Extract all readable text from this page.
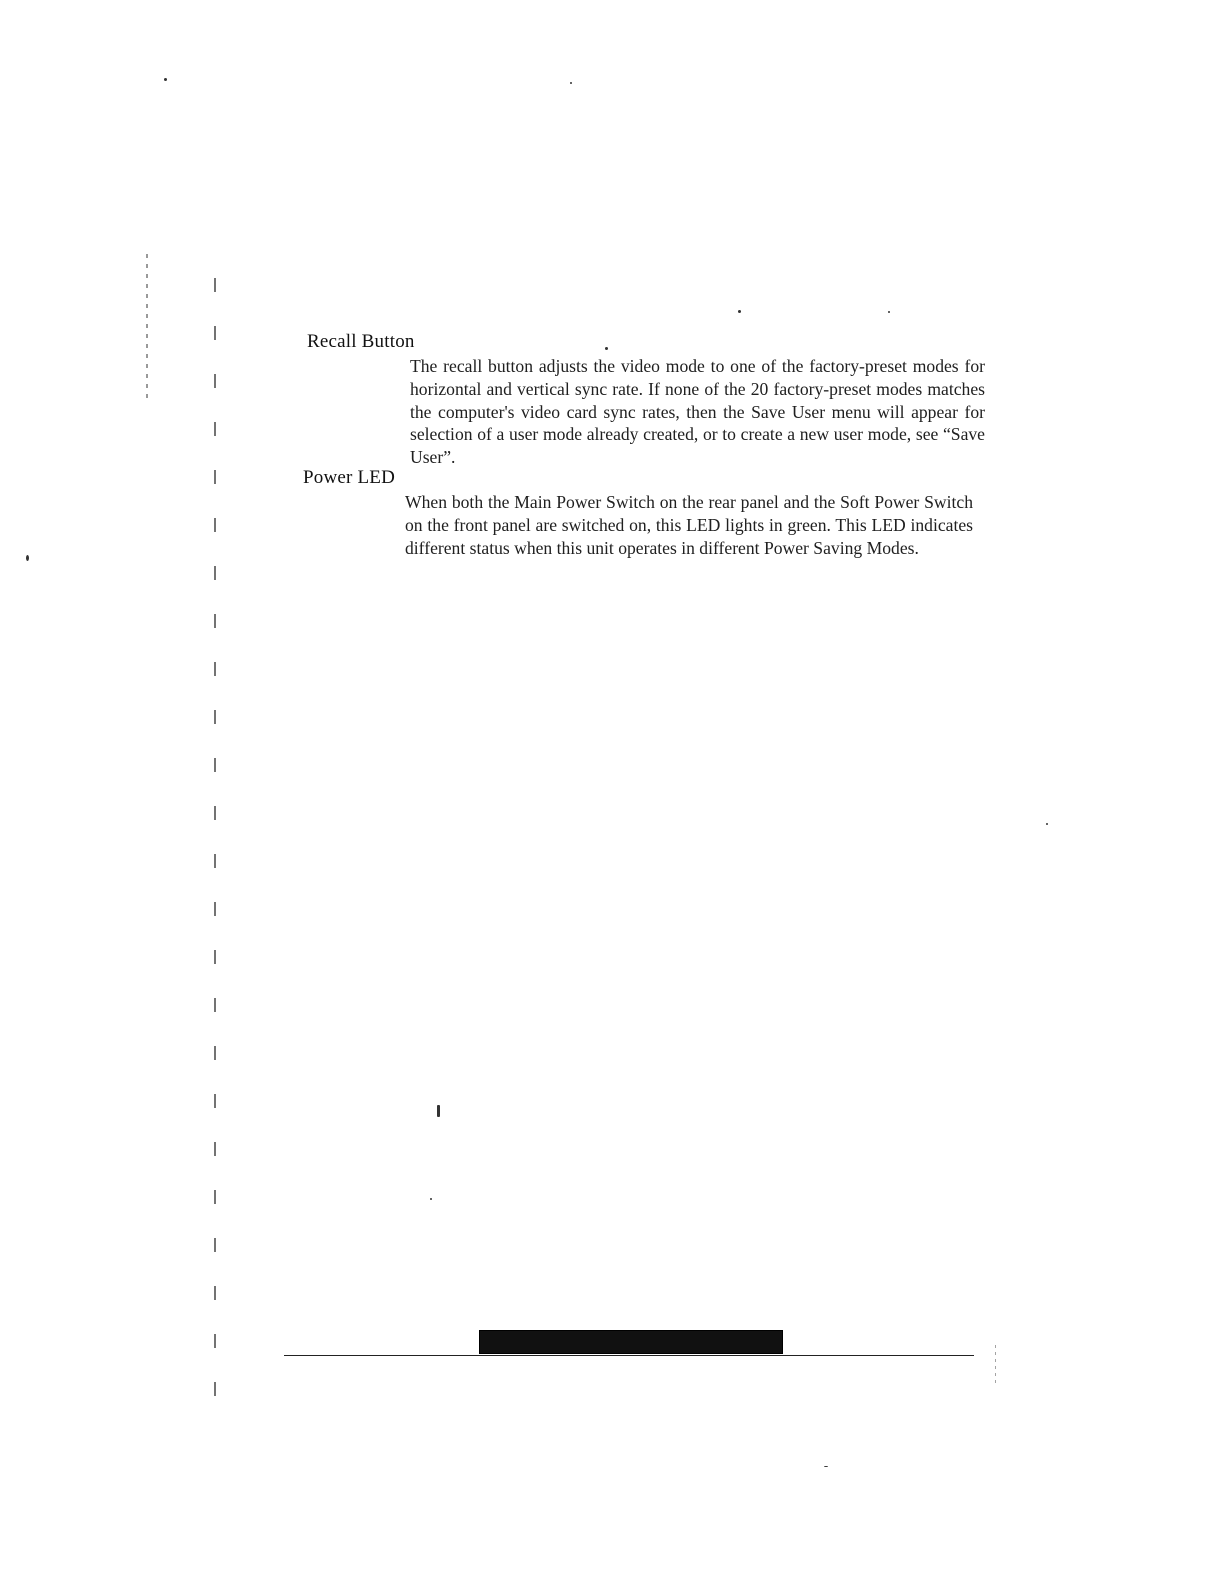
Recall Button
The recall button adjusts the video mode to one of the factory-preset modes for horizontal and vertical sync rate. If none of the 20 factory-preset modes matches the computer's video card sync rates, then the Save User menu will appear for selection of a user mode already created, or to create a new user mode, see “Save User”.
Power LED
When both the Main Power Switch on the rear panel and the Soft Power Switch on the front panel are switched on, this LED lights in green. This LED indicates different status when this unit operates in different Power Saving Modes.
